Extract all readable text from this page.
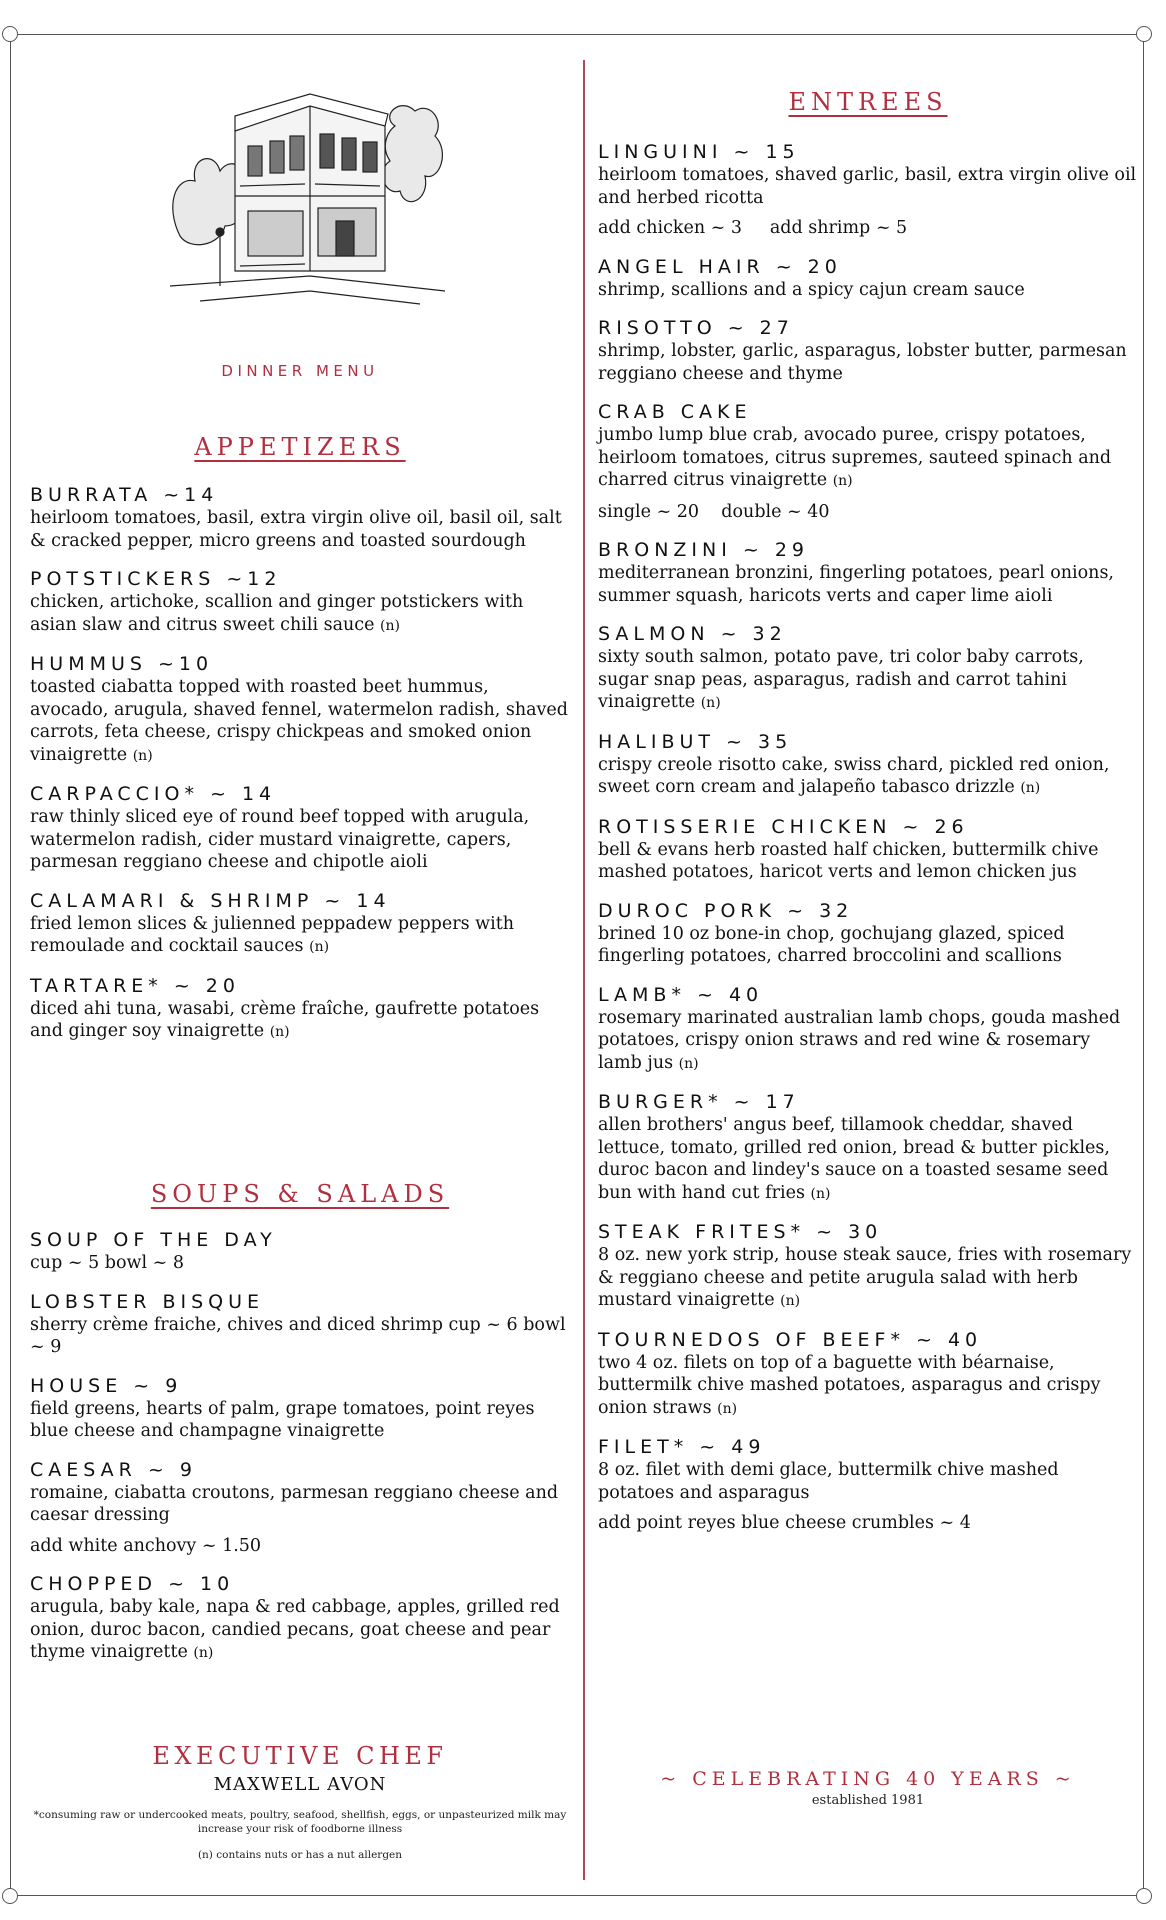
DINNER MENU
APPETIZERS
BURRATA ~14
heirloom tomatoes, basil, extra virgin olive oil, basil oil, salt & cracked pepper, micro greens and toasted sourdough
POTSTICKERS ~12
chicken, artichoke, scallion and ginger potstickers with asian slaw and citrus sweet chili sauce (n)
HUMMUS ~10
toasted ciabatta topped with roasted beet hummus, avocado, arugula, shaved fennel, watermelon radish, shaved carrots, feta cheese, crispy chickpeas and smoked onion vinaigrette (n)
CARPACCIO* ~ 14
raw thinly sliced eye of round beef topped with arugula, watermelon radish, cider mustard vinaigrette, capers, parmesan reggiano cheese and chipotle aioli
CALAMARI & SHRIMP ~ 14
fried lemon slices & julienned peppadew peppers with remoulade and cocktail sauces (n)
TARTARE* ~ 20
diced ahi tuna, wasabi, crème fraîche, gaufrette potatoes and ginger soy vinaigrette (n)
SOUPS & SALADS
SOUP OF THE DAY
cup ~ 5 bowl ~ 8
LOBSTER BISQUE
sherry crème fraiche, chives and diced shrimp cup ~ 6 bowl ~ 9
HOUSE ~ 9
field greens, hearts of palm, grape tomatoes, point reyes blue cheese and champagne vinaigrette
CAESAR ~ 9
romaine, ciabatta croutons, parmesan reggiano cheese and caesar dressing
add white anchovy ~ 1.50
CHOPPED ~ 10
arugula, baby kale, napa & red cabbage, apples, grilled red onion, duroc bacon, candied pecans, goat cheese and pear thyme vinaigrette (n)
EXECUTIVE CHEF
MAXWELL AVON
*consuming raw or undercooked meats, poultry, seafood, shellfish, eggs, or unpasteurized milk may increase your risk of foodborne illness
(n) contains nuts or has a nut allergen
ENTREES
LINGUINI ~ 15
heirloom tomatoes, shaved garlic, basil, extra virgin olive oil and herbed ricotta
add chicken ~ 3     add shrimp ~ 5
ANGEL HAIR ~ 20
shrimp, scallions and a spicy cajun cream sauce
RISOTTO ~ 27
shrimp, lobster, garlic, asparagus, lobster butter, parmesan reggiano cheese and thyme
CRAB CAKE
jumbo lump blue crab, avocado puree, crispy potatoes, heirloom tomatoes, citrus supremes, sauteed spinach and charred citrus vinaigrette (n)
single ~ 20    double ~ 40
BRONZINI ~ 29
mediterranean bronzini, fingerling potatoes, pearl onions, summer squash, haricots verts and caper lime aioli
SALMON ~ 32
sixty south salmon, potato pave, tri color baby carrots, sugar snap peas, asparagus, radish and carrot tahini vinaigrette (n)
HALIBUT ~ 35
crispy creole risotto cake, swiss chard, pickled red onion, sweet corn cream and jalapeño tabasco drizzle (n)
ROTISSERIE CHICKEN ~ 26
bell & evans herb roasted half chicken, buttermilk chive mashed potatoes, haricot verts and lemon chicken jus
DUROC PORK ~ 32
brined 10 oz bone-in chop, gochujang glazed, spiced fingerling potatoes, charred broccolini and scallions
LAMB* ~ 40
rosemary marinated australian lamb chops, gouda mashed potatoes, crispy onion straws and red wine & rosemary lamb jus (n)
BURGER* ~ 17
allen brothers' angus beef, tillamook cheddar, shaved lettuce, tomato, grilled red onion, bread & butter pickles, duroc bacon and lindey's sauce on a toasted sesame seed bun with hand cut fries (n)
STEAK FRITES* ~ 30
8 oz. new york strip, house steak sauce, fries with rosemary & reggiano cheese and petite arugula salad with herb mustard vinaigrette (n)
TOURNEDOS OF BEEF* ~ 40
two 4 oz. filets on top of a baguette with béarnaise, buttermilk chive mashed potatoes, asparagus and crispy onion straws (n)
FILET* ~ 49
8 oz. filet with demi glace, buttermilk chive mashed potatoes and asparagus
add point reyes blue cheese crumbles ~ 4
~ CELEBRATING 40 YEARS ~
established 1981
